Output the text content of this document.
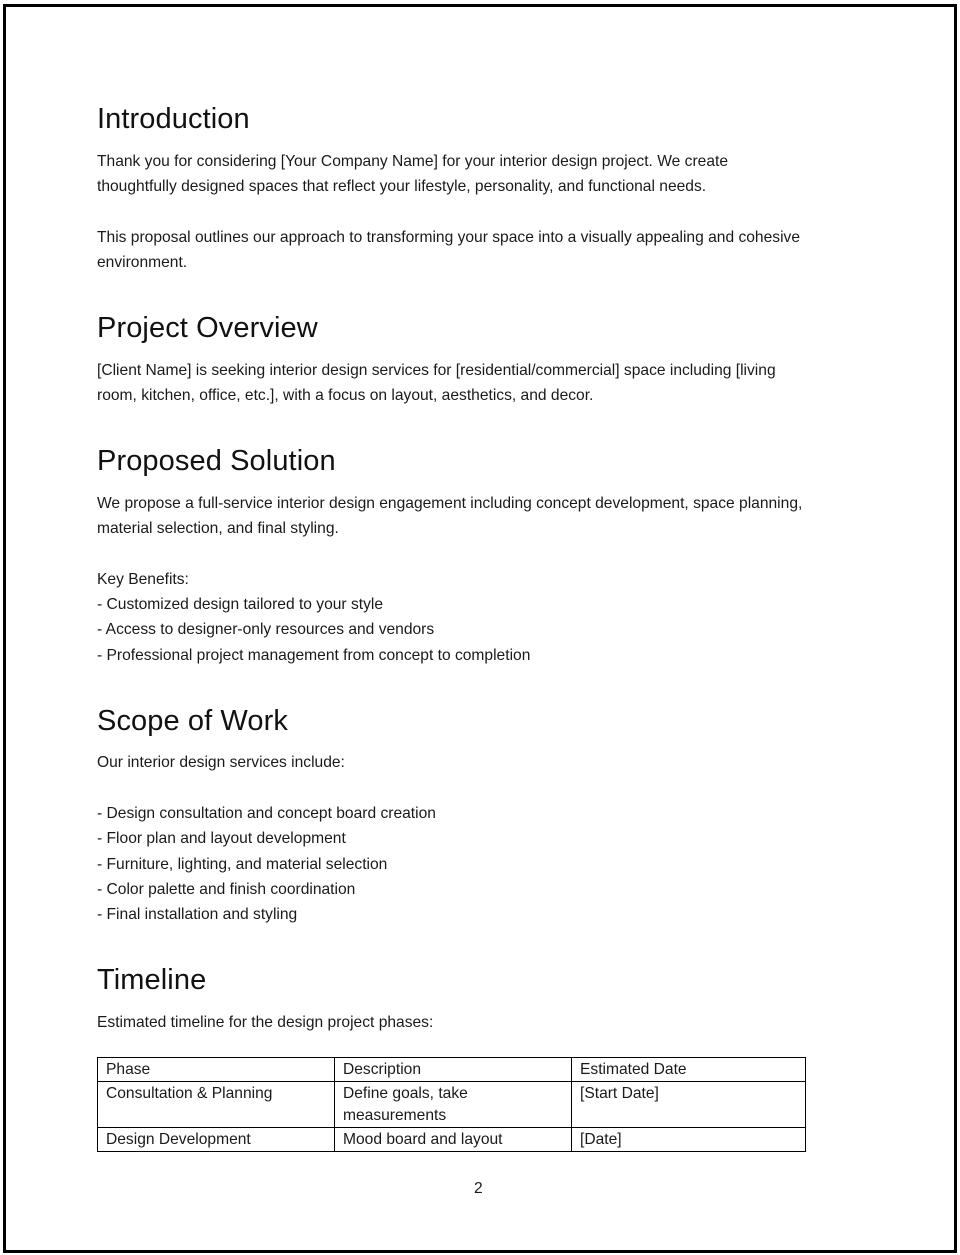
Introduction

Thank you for considering [Your Company Name] for your interior design project. We create

thoughtfully designed spaces that reflect your lifestyle, personality, and functional needs.

This proposal outlines our approach to transforming your space into a visually appealing and cohesive

environment.

Project Overview

[Client Name] is seeking interior design services for [residential/commercial] space including [living

room, kitchen, office, etc.], with a focus on layout, aesthetics, and decor.

Proposed Solution

We propose a full-service interior design engagement including concept development, space planning,

material selection, and final styling.

Key Benefits:

- Customized design tailored to your style

- Access to designer-only resources and vendors

- Professional project management from concept to completion

Scope of Work

Our interior design services include:

- Design consultation and concept board creation

- Floor plan and layout development

- Furniture, lighting, and material selection

- Color palette and finish coordination

- Final installation and styling

Timeline

Estimated timeline for the design project phases:

Phase	Description	Estimated Date
Consultation & Planning	Define goals, take measurements	[Start Date]
Design Development	Mood board and layout	[Date]

2
